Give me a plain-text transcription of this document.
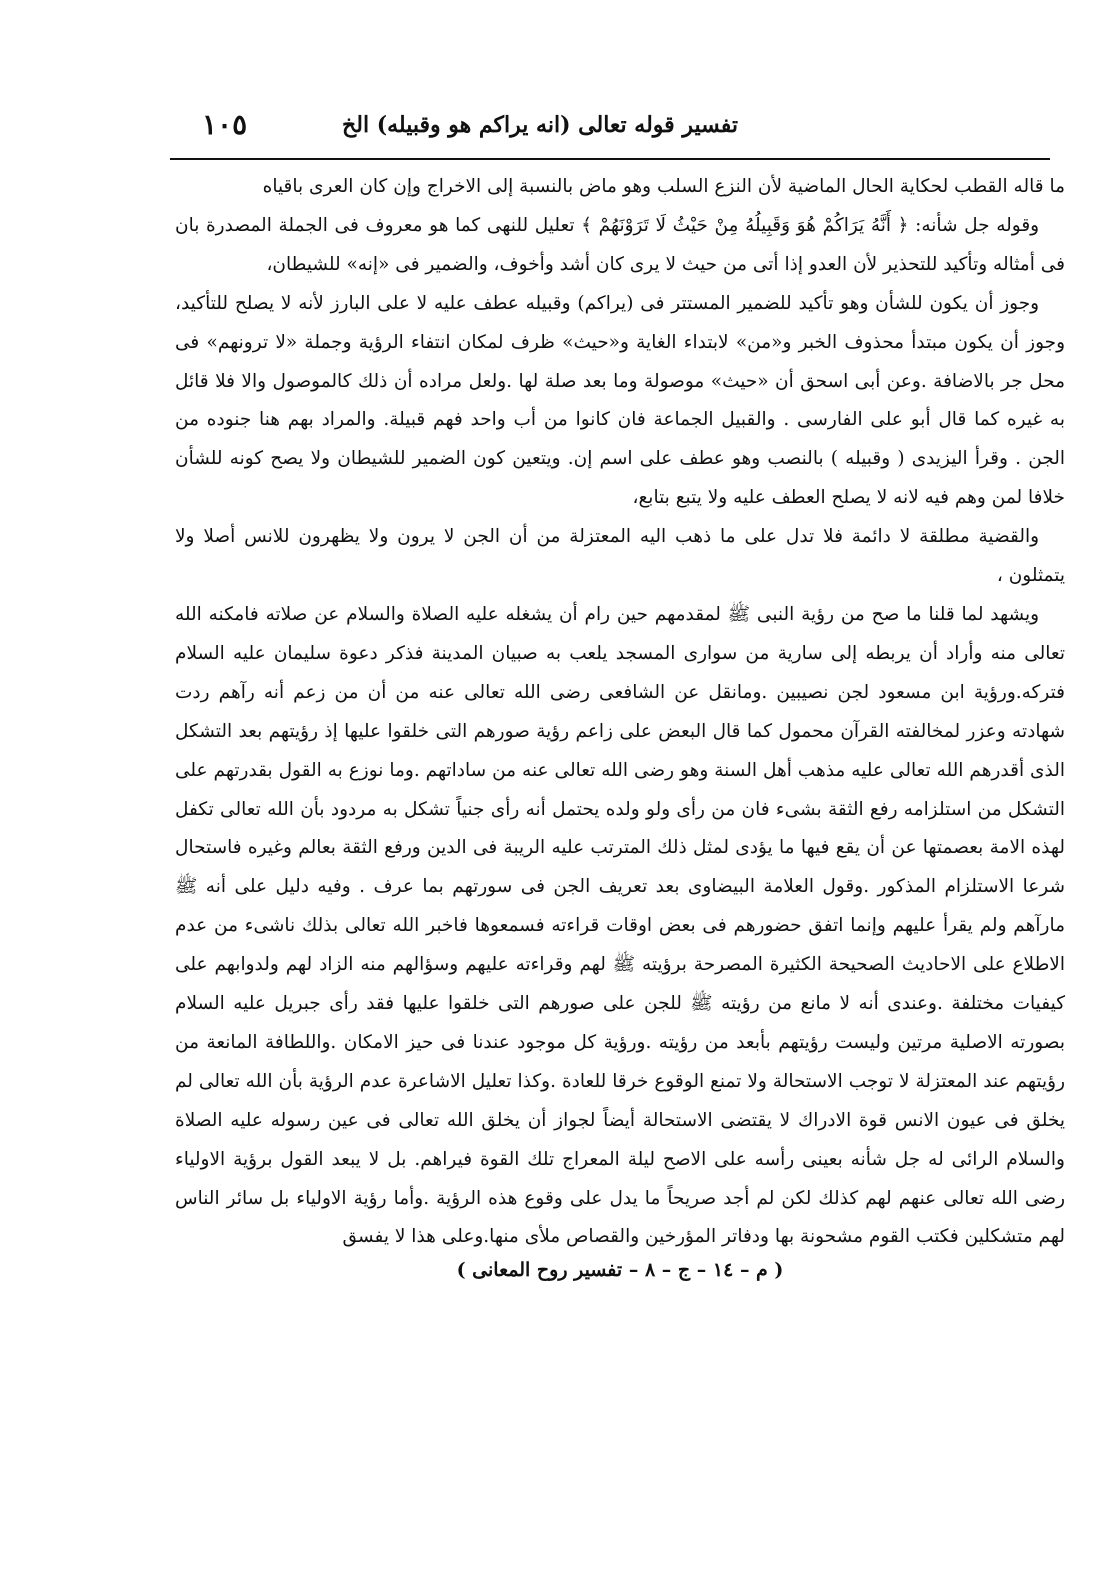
تفسير قوله تعالى (انه يراكم هو وقبيله) الخ
١٠٥

ما قاله القطب لحكاية الحال الماضية لأن النزع السلب وهو ماض بالنسبة إلى الاخراج وإن كان العرى باقياه

وقوله جل شأنه: ﴿ أَنَّهُ يَرَاكُمْ هُوَ وَقَبِيلُهُ مِنْ حَيْثُ لَا تَرَوْنَهُمْ ﴾ تعليل للنهى كما هو معروف فى الجملة المصدرة بان فى أمثاله وتأكيد للتحذير لأن العدو إذا أتى من حيث لا يرى كان أشد وأخوف، والضمير فى «إنه» للشيطان،

وجوز أن يكون للشأن وهو تأكيد للضمير المستتر فى (يراكم) وقبيله عطف عليه لا على البارز لأنه لا يصلح للتأكيد، وجوز أن يكون مبتدأ محذوف الخبر و«من» لابتداء الغاية و«حيث» ظرف لمكان انتفاء الرؤية وجملة «لا ترونهم» فى محل جر بالاضافة .وعن أبى اسحق أن «حيث» موصولة وما بعد صلة لها .ولعل مراده أن ذلك كالموصول والا فلا قائل به غيره كما قال أبو على الفارسى . والقبيل الجماعة فان كانوا من أب واحد فهم قبيلة. والمراد بهم هنا جنوده من الجن . وقرأ اليزيدى ( وقبيله ) بالنصب وهو عطف على اسم إن. ويتعين كون الضمير للشيطان ولا يصح كونه للشأن خلافا لمن وهم فيه لانه لا يصلح العطف عليه ولا يتبع بتابع،

والقضية مطلقة لا دائمة فلا تدل على ما ذهب اليه المعتزلة من أن الجن لا يرون ولا يظهرون للانس أصلا ولا يتمثلون ،

ويشهد لما قلنا ما صح من رؤية النبى ﷺ لمقدمهم حين رام أن يشغله عليه الصلاة والسلام عن صلاته فامكنه الله تعالى منه وأراد أن يربطه إلى سارية من سوارى المسجد يلعب به صبيان المدينة فذكر دعوة سليمان عليه السلام فتركه.ورؤية ابن مسعود لجن نصيبين .ومانقل عن الشافعى رضى الله تعالى عنه من أن من زعم أنه رآهم ردت شهادته وعزر لمخالفته القرآن محمول كما قال البعض على زاعم رؤية صورهم التى خلقوا عليها إذ رؤيتهم بعد التشكل الذى أقدرهم الله تعالى عليه مذهب أهل السنة وهو رضى الله تعالى عنه من ساداتهم .وما نوزع به القول بقدرتهم على التشكل من استلزامه رفع الثقة بشىء فان من رأى ولو ولده يحتمل أنه رأى جنياً تشكل به مردود بأن الله تعالى تكفل لهذه الامة بعصمتها عن أن يقع فيها ما يؤدى لمثل ذلك المترتب عليه الريبة فى الدين ورفع الثقة بعالم وغيره فاستحال شرعا الاستلزام المذكور .وقول العلامة البيضاوى بعد تعريف الجن فى سورتهم بما عرف . وفيه دليل على أنه ﷺ مارآهم ولم يقرأ عليهم وإنما اتفق حضورهم فى بعض اوقات قراءته فسمعوها فاخبر الله تعالى بذلك ناشىء من عدم الاطلاع على الاحاديث الصحيحة الكثيرة المصرحة برؤيته ﷺ لهم وقراءته عليهم وسؤالهم منه الزاد لهم ولدوابهم على كيفيات مختلفة .وعندى أنه لا مانع من رؤيته ﷺ للجن على صورهم التى خلقوا عليها فقد رأى جبريل عليه السلام بصورته الاصلية مرتين وليست رؤيتهم بأبعد من رؤيته .ورؤية كل موجود عندنا فى حيز الامكان .واللطافة المانعة من رؤيتهم عند المعتزلة لا توجب الاستحالة ولا تمنع الوقوع خرقا للعادة .وكذا تعليل الاشاعرة عدم الرؤية بأن الله تعالى لم يخلق فى عيون الانس قوة الادراك لا يقتضى الاستحالة أيضاً لجواز أن يخلق الله تعالى فى عين رسوله عليه الصلاة والسلام الرائى له جل شأنه بعينى رأسه على الاصح ليلة المعراج تلك القوة فيراهم. بل لا يبعد القول برؤية الاولياء رضى الله تعالى عنهم لهم كذلك لكن لم أجد صريحاً ما يدل على وقوع هذه الرؤية .وأما رؤية الاولياء بل سائر الناس لهم متشكلين فكتب القوم مشحونة بها ودفاتر المؤرخين والقصاص ملأى منها.وعلى هذا لا يفسق

( م – ١٤ – ج – ٨ – تفسير روح المعانى )
